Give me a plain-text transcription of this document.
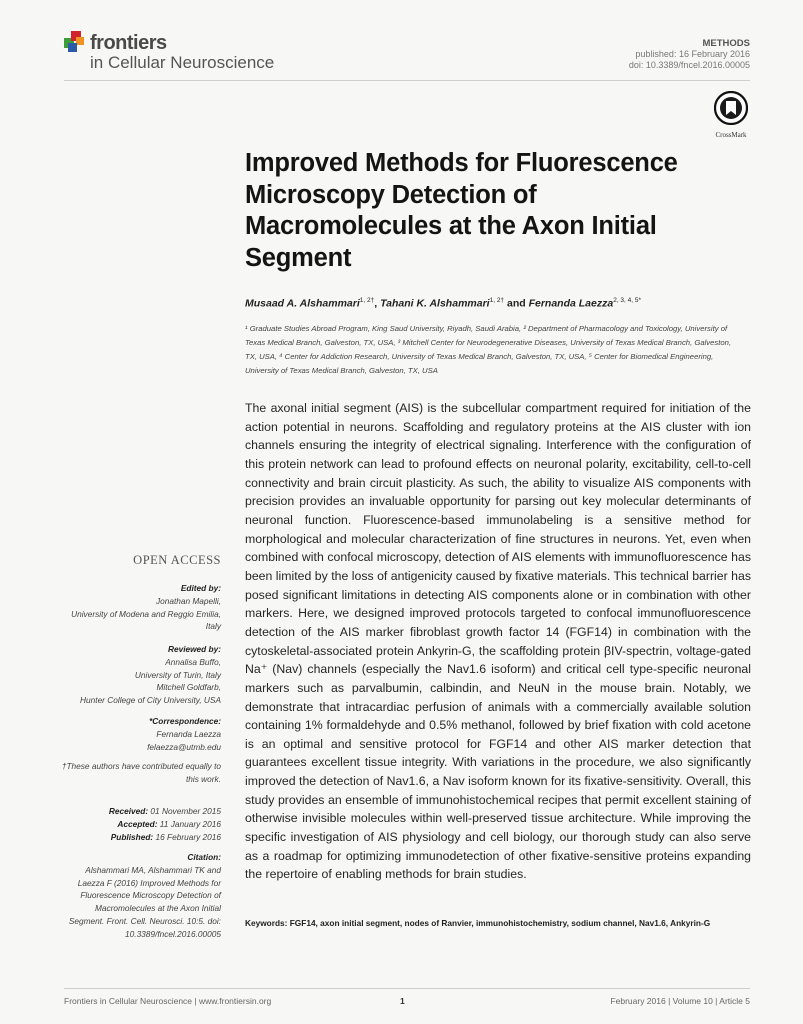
frontiers
in Cellular Neuroscience
METHODS
published: 16 February 2016
doi: 10.3389/fncel.2016.00005
CrossMark
Improved Methods for Fluorescence
Microscopy Detection of
Macromolecules at the Axon Initial
Segment
Musaad A. Alshammari$^{1, 2\dagger}$, Tahani K. Alshammari$^{1, 2\dagger}$ and Fernanda Laezza$^{2, 3, 4, 5*}$
¹ Graduate Studies Abroad Program, King Saud University, Riyadh, Saudi Arabia, ² Department of Pharmacology and Toxicology, University of Texas Medical Branch, Galveston, TX, USA, ³ Mitchell Center for Neurodegenerative Diseases, University of Texas Medical Branch, Galveston, TX, USA, ⁴ Center for Addiction Research, University of Texas Medical Branch, Galveston, TX, USA, ⁵ Center for Biomedical Engineering, University of Texas Medical Branch, Galveston, TX, USA
The axonal initial segment (AIS) is the subcellular compartment required for initiation of the action potential in neurons. Scaffolding and regulatory proteins at the AIS cluster with ion channels ensuring the integrity of electrical signaling. Interference with the configuration of this protein network can lead to profound effects on neuronal polarity, excitability, cell-to-cell connectivity and brain circuit plasticity. As such, the ability to visualize AIS components with precision provides an invaluable opportunity for parsing out key molecular determinants of neuronal function. Fluorescence-based immunolabeling is a sensitive method for morphological and molecular characterization of fine structures in neurons. Yet, even when combined with confocal microscopy, detection of AIS elements with immunofluorescence has been limited by the loss of antigenicity caused by fixative materials. This technical barrier has posed significant limitations in detecting AIS components alone or in combination with other markers. Here, we designed improved protocols targeted to confocal immunofluorescence detection of the AIS marker fibroblast growth factor 14 (FGF14) in combination with the cytoskeletal-associated protein Ankyrin-G, the scaffolding protein βIV-spectrin, voltage-gated Na⁺ (Nav) channels (especially the Nav1.6 isoform) and critical cell type-specific neuronal markers such as parvalbumin, calbindin, and NeuN in the mouse brain. Notably, we demonstrate that intracardiac perfusion of animals with a commercially available solution containing 1% formaldehyde and 0.5% methanol, followed by brief fixation with cold acetone is an optimal and sensitive protocol for FGF14 and other AIS marker detection that guarantees excellent tissue integrity. With variations in the procedure, we also significantly improved the detection of Nav1.6, a Nav isoform known for its fixative-sensitivity. Overall, this study provides an ensemble of immunohistochemical recipes that permit excellent staining of otherwise invisible molecules within well-preserved tissue architecture. While improving the specific investigation of AIS physiology and cell biology, our thorough study can also serve as a roadmap for optimizing immunodetection of other fixative-sensitive proteins expanding the repertoire of enabling methods for brain studies.
Keywords: FGF14, axon initial segment, nodes of Ranvier, immunohistochemistry, sodium channel, Nav1.6, Ankyrin-G
OPEN ACCESS
Edited by:
Jonathan Mapelli,
University of Modena and Reggio Emilia, Italy
Reviewed by:
Annalisa Buffo,
University of Turin, Italy
Mitchell Goldfarb,
Hunter College of City University, USA
*Correspondence:
Fernanda Laezza
felaezza@utmb.edu
†These authors have contributed equally to this work.
Received: 01 November 2015
Accepted: 11 January 2016
Published: 16 February 2016
Citation:
Alshammari MA, Alshammari TK and Laezza F (2016) Improved Methods for Fluorescence Microscopy Detection of Macromolecules at the Axon Initial Segment. Front. Cell. Neurosci. 10:5. doi: 10.3389/fncel.2016.00005
Frontiers in Cellular Neuroscience | www.frontiersin.org	1	February 2016 | Volume 10 | Article 5
